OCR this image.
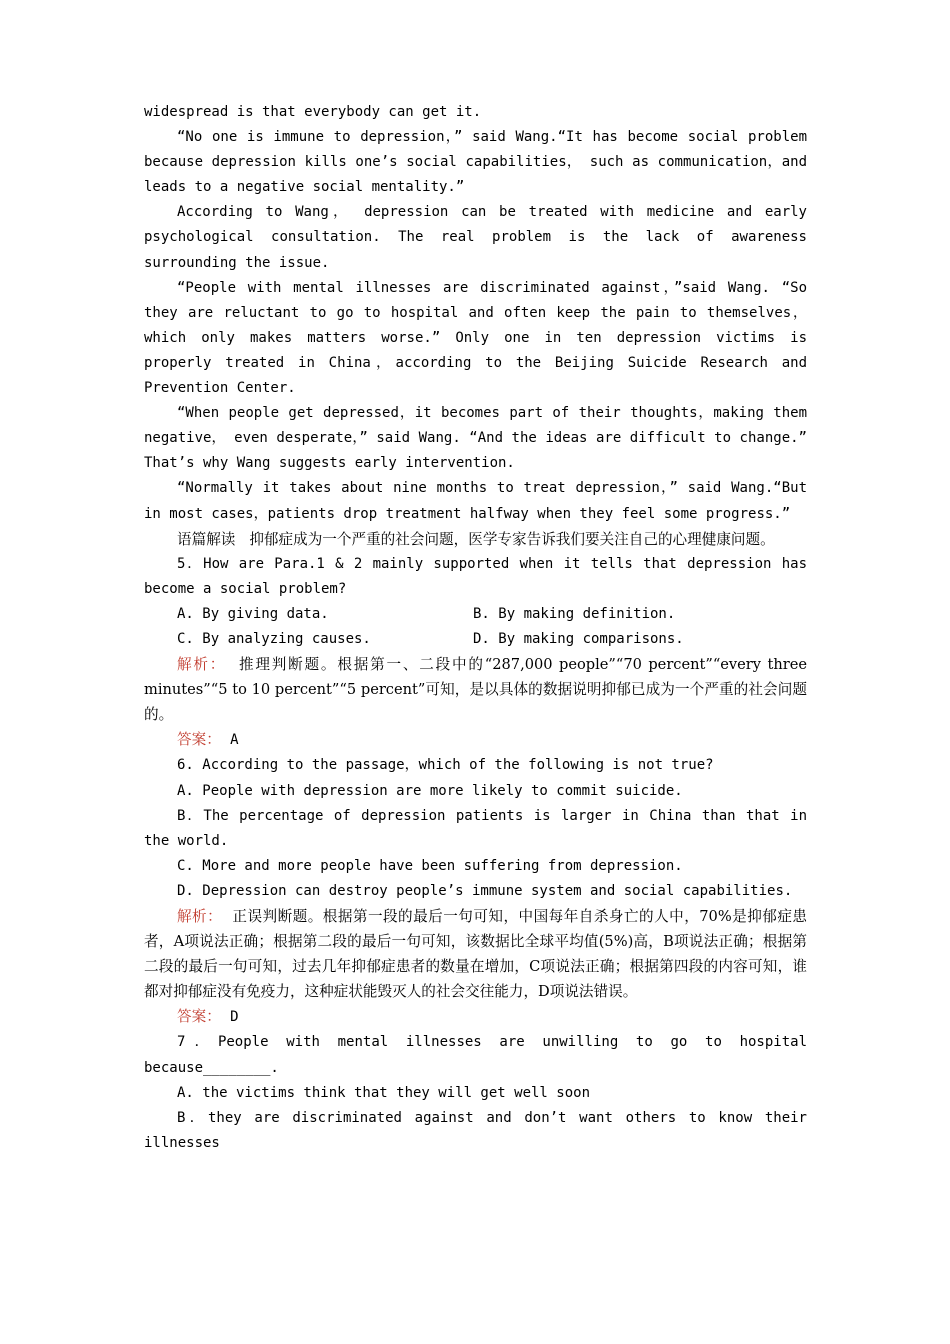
widespread is that everybody can get it.

“No one is immune to depression，” said Wang.“It has become social problem because depression kills one’s social capabilities， such as communication，and leads to a negative social mentality.”

According to Wang， depression can be treated with medicine and early psychological consultation. The real problem is the lack of awareness surrounding the issue.

“People with mental illnesses are discriminated against，”said Wang. “So they are reluctant to go to hospital and often keep the pain to themselves， which only makes matters worse.” Only one in ten depression victims is properly treated in China，according to the Beijing Suicide Research and Prevention Center.

“When people get depressed，it becomes part of their thoughts，making them negative， even desperate，” said Wang. “And the ideas are difficult to change.” That’s why Wang suggests early intervention.

“Normally it takes about nine months to treat depression，” said Wang.“But in most cases，patients drop treatment halfway when they feel some progress.”

语篇解读 抑郁症成为一个严重的社会问题，医学专家告诉我们要关注自己的心理健康问题。

5．How are Para.1 & 2 mainly supported when it tells that depression has become a social problem?

A. By giving data.	B. By making definition.
C. By analyzing causes.	D. By making comparisons.

解析： 推理判断题。根据第一、二段中的“287,000 people”“70 percent”“every three minutes”“5 to 10 percent”“5 percent”可知，是以具体的数据说明抑郁已成为一个严重的社会问题的。

答案： A

6. According to the passage，which of the following is not true?

A. People with depression are more likely to commit suicide.

B．The percentage of depression patients is larger in China than that in the world.

C. More and more people have been suffering from depression.

D. Depression can destroy people’s immune system and social capabilities.

解析： 正误判断题。根据第一段的最后一句可知，中国每年自杀身亡的人中，70%是抑郁症患者，A项说法正确；根据第二段的最后一句可知，该数据比全球平均值(5%)高，B项说法正确；根据第二段的最后一句可知，过去几年抑郁症患者的数量在增加，C项说法正确；根据第四段的内容可知，谁都对抑郁症没有免疫力，这种症状能毁灭人的社会交往能力，D项说法错误。

答案： D

7．People with mental illnesses are unwilling to go to hospital because________.

A. the victims think that they will get well soon

B．they are discriminated against and don’t want others to know their illnesses
